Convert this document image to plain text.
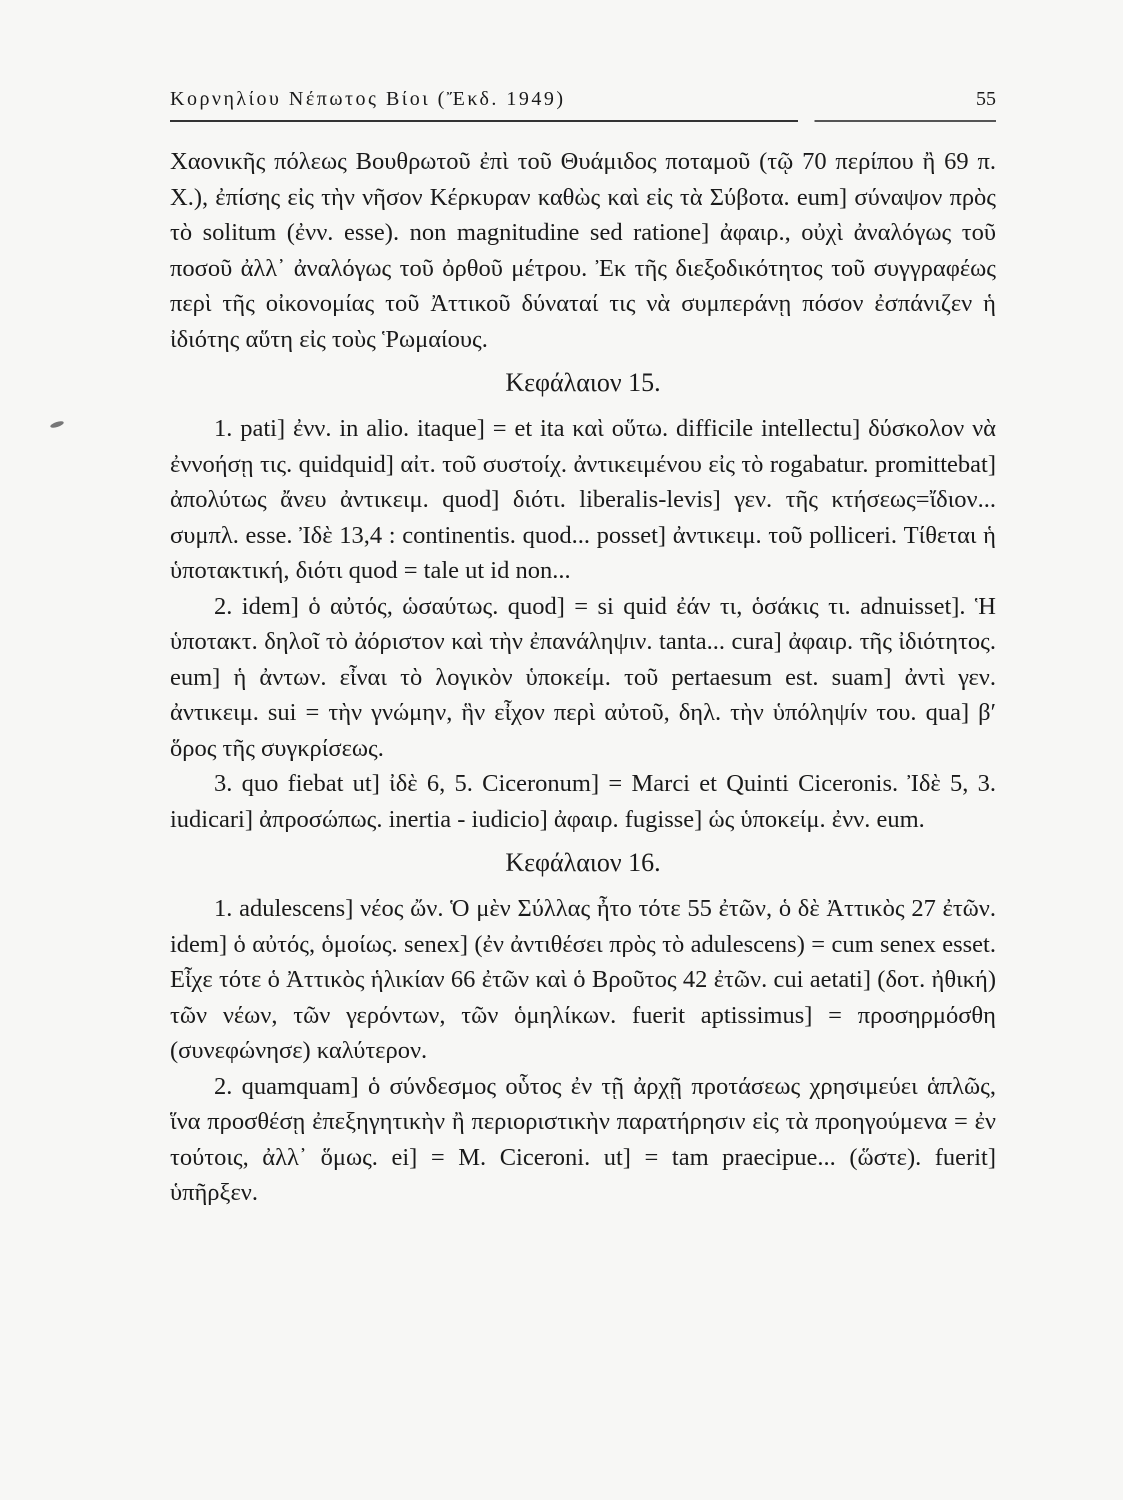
Κορνηλίου Νέπωτος Βίοι (Ἔκδ. 1949)	55

Χαονικῆς πόλεως Βουθρωτοῦ ἐπὶ τοῦ Θυάμιδος ποταμοῦ (τῷ 70 περίπου ἢ 69 π. Χ.), ἐπίσης εἰς τὴν νῆσον Κέρκυραν καθὼς καὶ εἰς τὰ Σύβοτα. eum] σύναψον πρὸς τὸ solitum (ἐνν. esse). non magnitudine sed ratione] ἀφαιρ., οὐχὶ ἀναλόγως τοῦ ποσοῦ ἀλλ᾽ ἀναλόγως τοῦ ὀρθοῦ μέτρου. Ἐκ τῆς διεξοδικότητος τοῦ συγγραφέως περὶ τῆς οἰκονομίας τοῦ Ἀττικοῦ δύναταί τις νὰ συμπεράνῃ πόσον ἐσπάνιζεν ἡ ἰδιότης αὕτη εἰς τοὺς Ῥωμαίους.

Κεφάλαιον 15.

1. pati] ἐνν. in alio. itaque] = et ita καὶ οὕτω. difficile intellectu] δύσκολον νὰ ἐννοήσῃ τις. quidquid] αἰτ. τοῦ συστοίχ. ἀντικειμένου εἰς τὸ rogabatur. promittebat] ἀπολύτως ἄνευ ἀντικειμ. quod] διότι. liberalis-levis] γεν. τῆς κτήσεως=ἴδιον... συμπλ. esse. Ἰδὲ 13,4 : continentis. quod... posset] ἀντικειμ. τοῦ polliceri. Τίθεται ἡ ὑποτακτική, διότι quod = tale ut id non...

2. idem] ὁ αὐτός, ὡσαύτως. quod] = si quid ἐάν τι, ὁσάκις τι. adnuisset]. Ἡ ὑποτακτ. δηλοῖ τὸ ἀόριστον καὶ τὴν ἐπανάληψιν. tanta... cura] ἀφαιρ. τῆς ἰδιότητος. eum] ἡ ἀντων. εἶναι τὸ λογικὸν ὑποκείμ. τοῦ pertaesum est. suam] ἀντὶ γεν. ἀντικειμ. sui = τὴν γνώμην, ἣν εἶχον περὶ αὐτοῦ, δηλ. τὴν ὑπόληψίν του. qua] β′ ὅρος τῆς συγκρίσεως.

3. quo fiebat ut] ἰδὲ 6, 5. Ciceronum] = Marci et Quinti Ciceronis. Ἰδὲ 5, 3. iudicari] ἀπροσώπως. inertia - iudicio] ἀφαιρ. fugisse] ὡς ὑποκείμ. ἐνν. eum.

Κεφάλαιον 16.

1. adulescens] νέος ὤν. Ὁ μὲν Σύλλας ἦτο τότε 55 ἐτῶν, ὁ δὲ Ἀττικὸς 27 ἐτῶν. idem] ὁ αὐτός, ὁμοίως. senex] (ἐν ἀντιθέσει πρὸς τὸ adulescens) = cum senex esset. Εἶχε τότε ὁ Ἀττικὸς ἡλικίαν 66 ἐτῶν καὶ ὁ Βροῦτος 42 ἐτῶν. cui aetati] (δοτ. ἠθική) τῶν νέων, τῶν γερόντων, τῶν ὁμηλίκων. fuerit aptissimus] = προσηρμόσθη (συνεφώνησε) καλύτερον.

2. quamquam] ὁ σύνδεσμος οὗτος ἐν τῇ ἀρχῇ προτάσεως χρησιμεύει ἁπλῶς, ἵνα προσθέσῃ ἐπεξηγητικὴν ἢ περιοριστικὴν παρατήρησιν εἰς τὰ προηγούμενα = ἐν τούτοις, ἀλλ᾽ ὅμως. ei] = M. Ciceroni. ut] = tam praecipue... (ὥστε). fuerit] ὑπῆρξεν.
